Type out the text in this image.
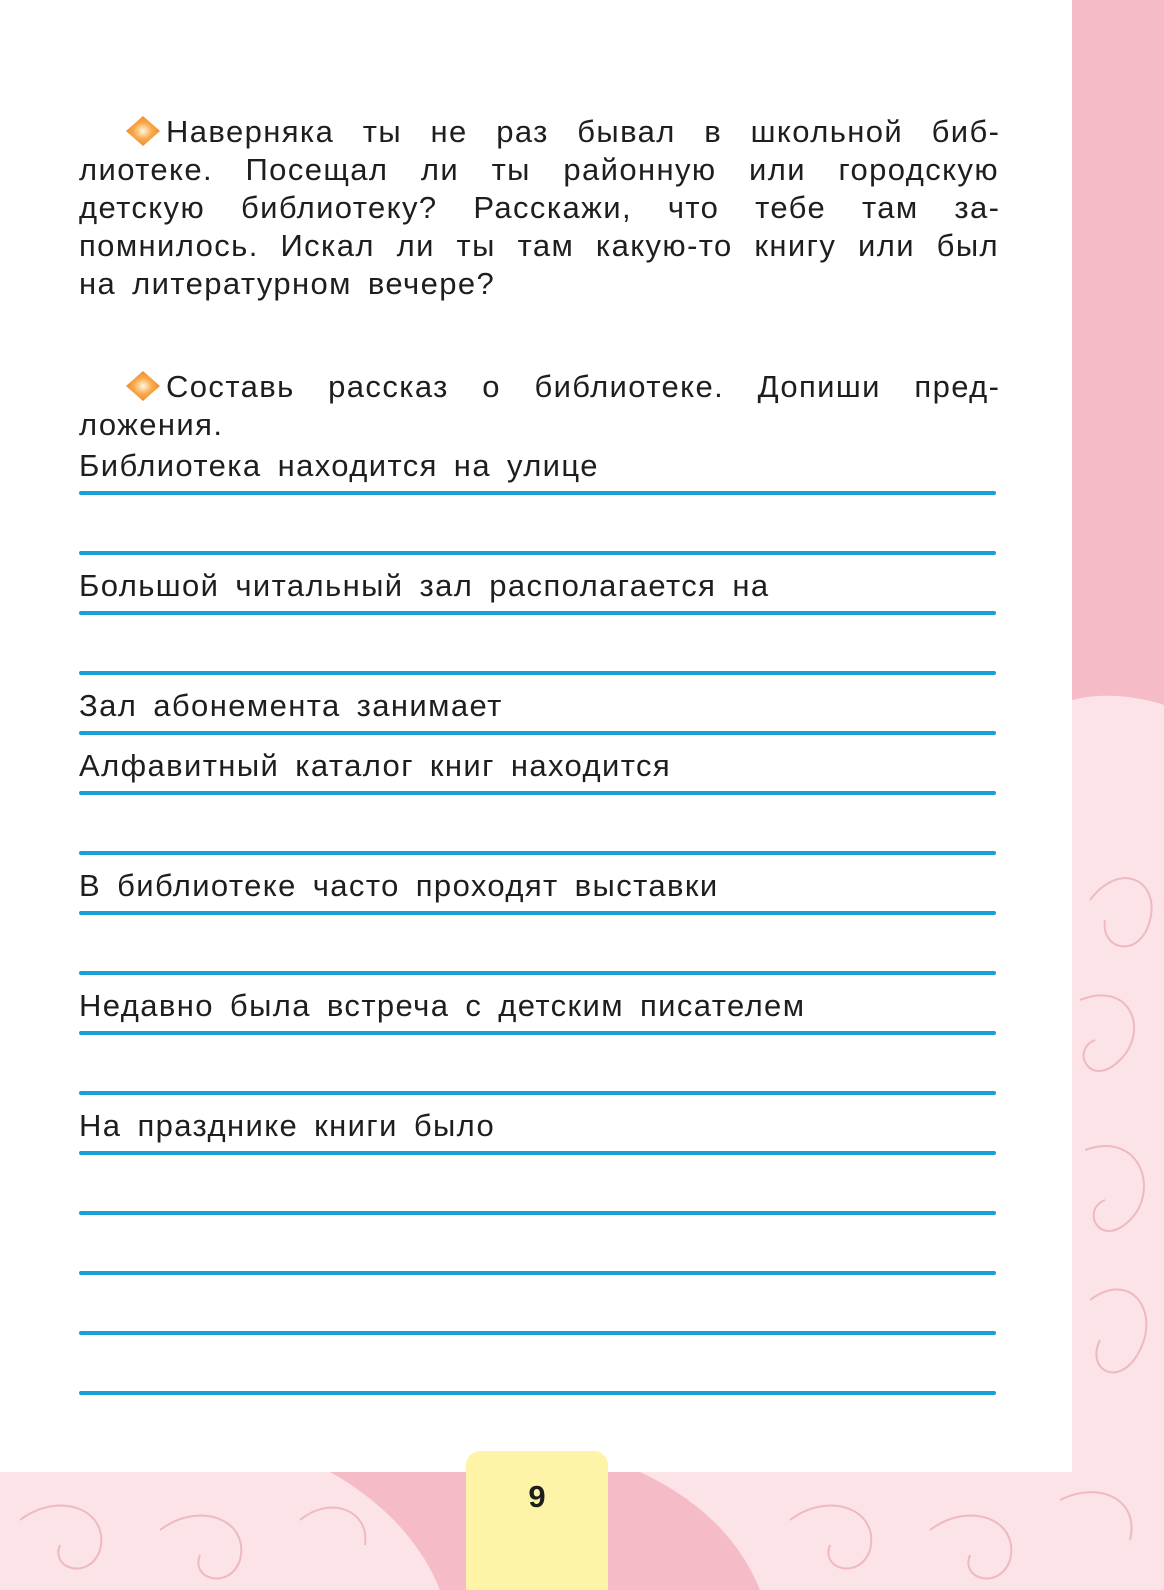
Наверняка ты не раз бывал в школьной библиотеке. Посещал ли ты районную или городскую детскую библиотеку? Расскажи, что тебе там запомнилось. Искал ли ты там какую-то книгу или был на литературном вечере?
Составь рассказ о библиотеке. Допиши предложения.
Библиотека находится на улице
Большой читальный зал располагается на
Зал абонемента занимает
Алфавитный каталог книг находится
В библиотеке часто проходят выставки
Недавно была встреча с детским писателем
На празднике книги было
9
